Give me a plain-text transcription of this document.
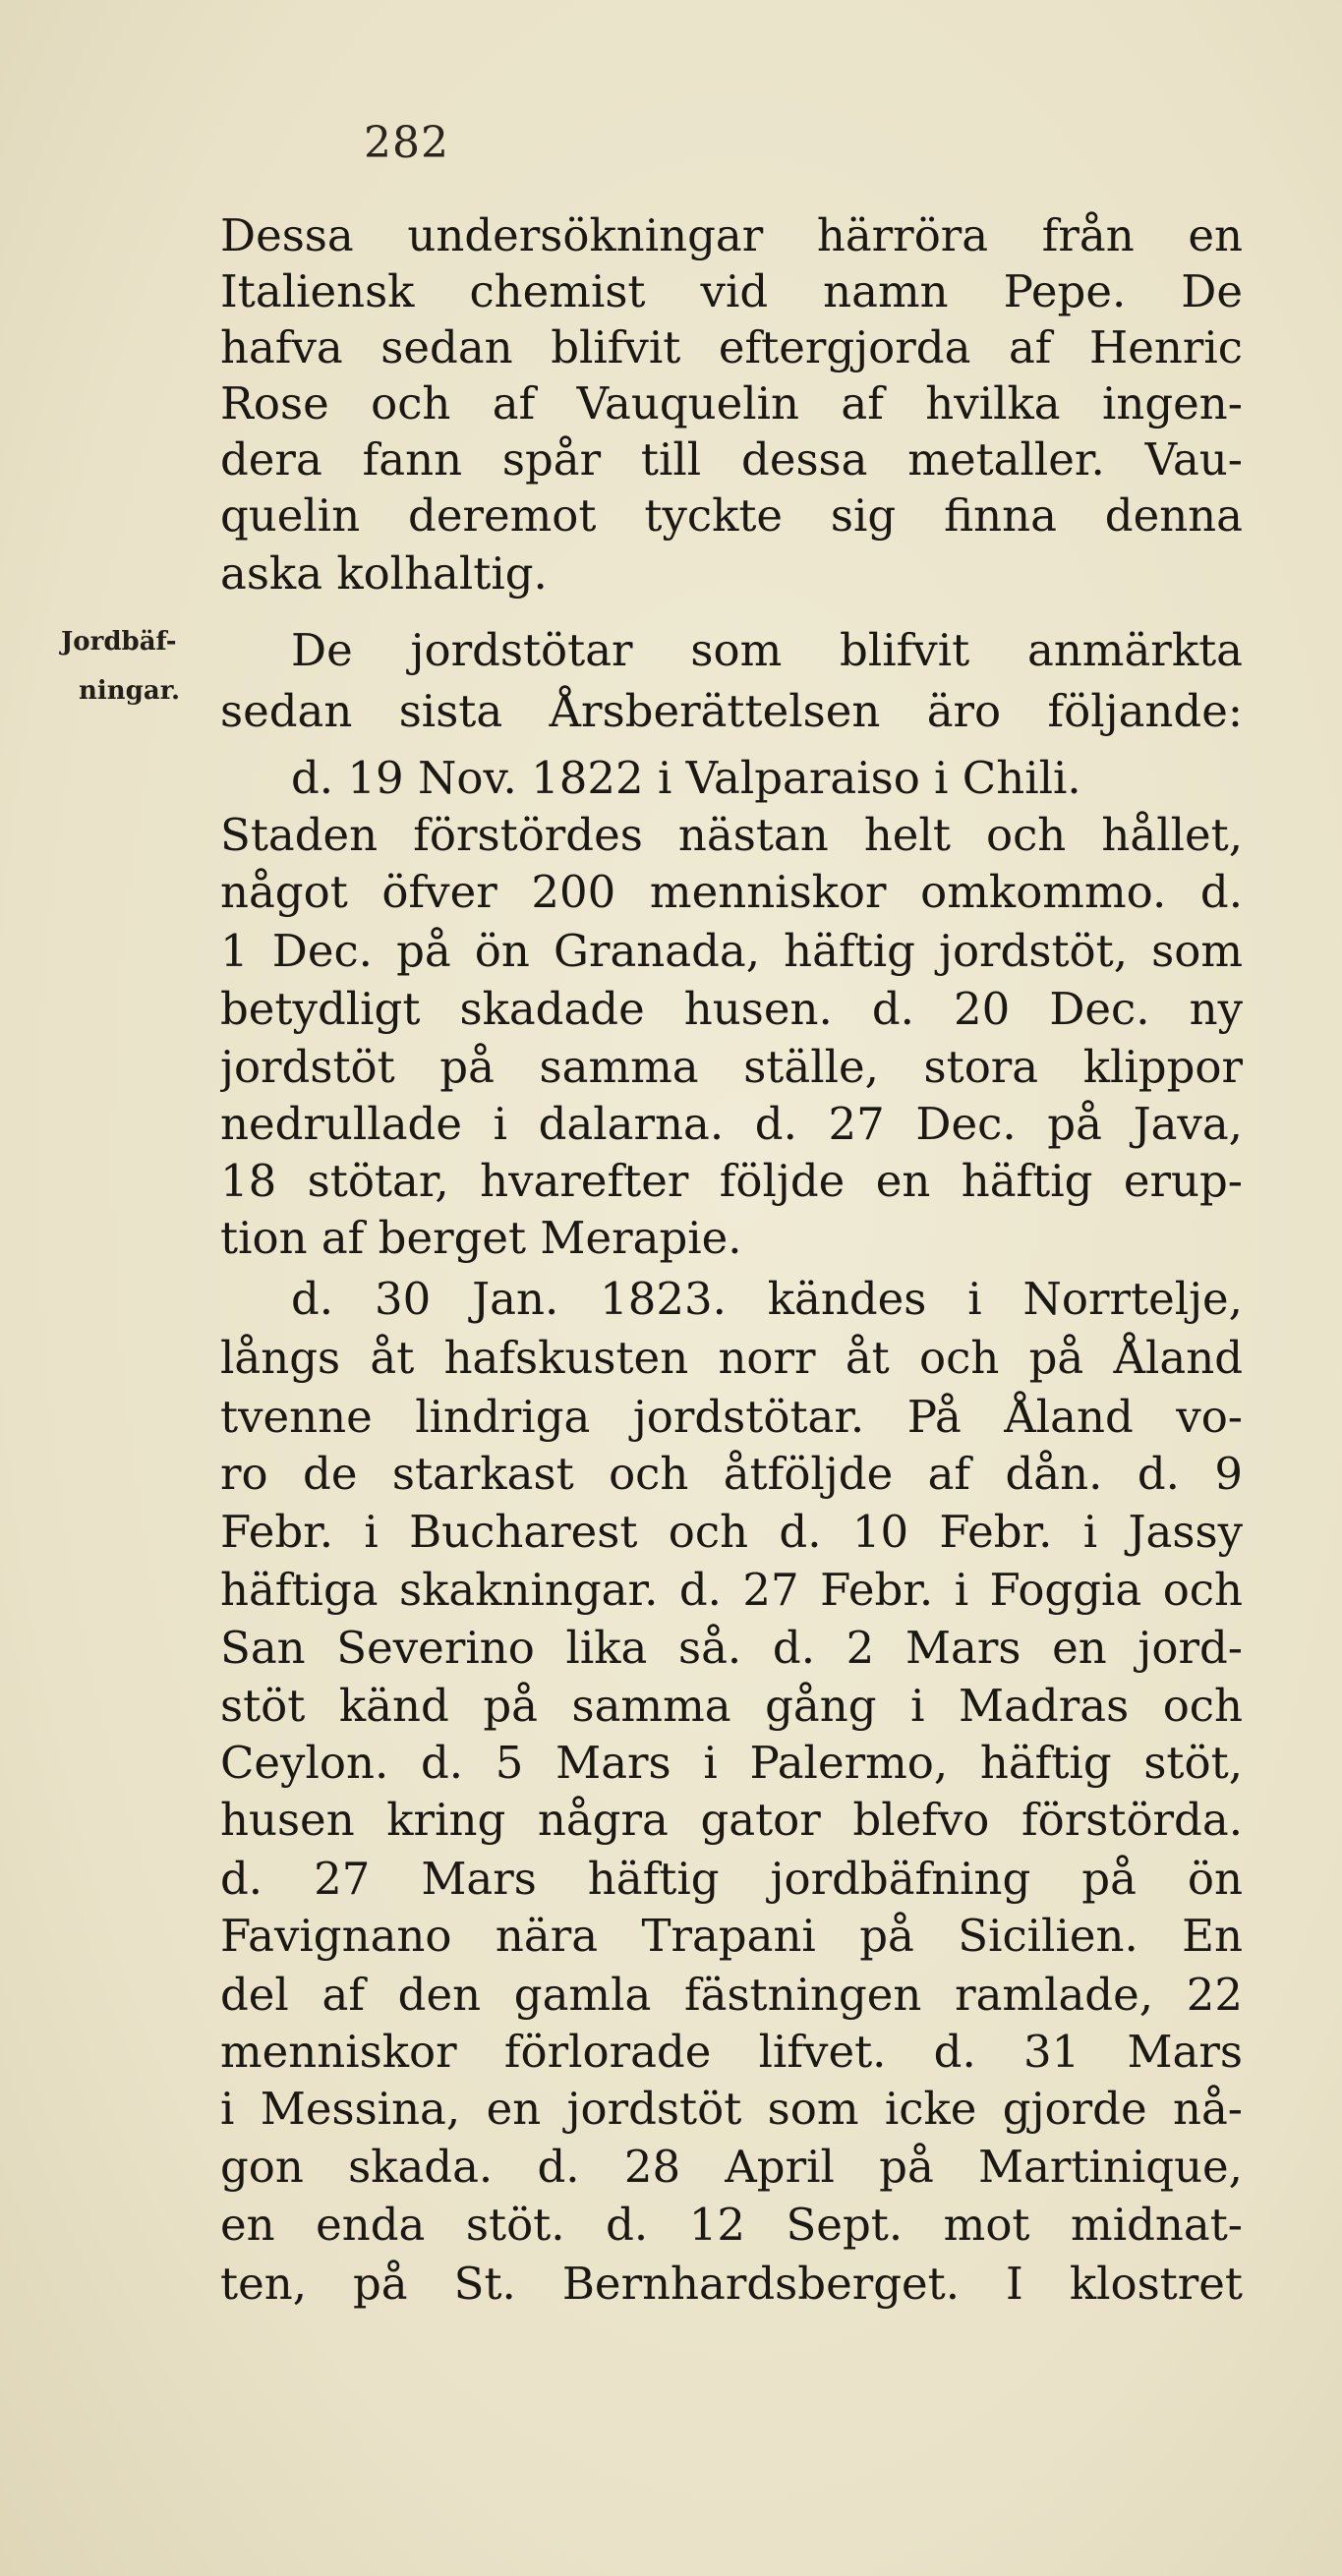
282
Jordbäf-
ningar.
Dessa undersökningar härröra från en
Italiensk chemist vid namn Pepe. De
hafva sedan blifvit eftergjorda af Henric
Rose och af Vauquelin af hvilka ingen-
dera fann spår till dessa metaller. Vau-
quelin deremot tyckte sig finna denna
aska kolhaltig.
De jordstötar som blifvit anmärkta
sedan sista Årsberättelsen äro följande:
d. 19 Nov. 1822 i Valparaiso i Chili.
Staden förstördes nästan helt och hållet,
något öfver 200 menniskor omkommo. d.
1 Dec. på ön Granada, häftig jordstöt, som
betydligt skadade husen. d. 20 Dec. ny
jordstöt på samma ställe, stora klippor
nedrullade i dalarna. d. 27 Dec. på Java,
18 stötar, hvarefter följde en häftig erup-
tion af berget Merapie.
d. 30 Jan. 1823. kändes i Norrtelje,
långs åt hafskusten norr åt och på Åland
tvenne lindriga jordstötar. På Åland vo-
ro de starkast och åtföljde af dån. d. 9
Febr. i Bucharest och d. 10 Febr. i Jassy
häftiga skakningar. d. 27 Febr. i Foggia och
San Severino lika så. d. 2 Mars en jord-
stöt känd på samma gång i Madras och
Ceylon. d. 5 Mars i Palermo, häftig stöt,
husen kring några gator blefvo förstörda.
d. 27 Mars häftig jordbäfning på ön
Favignano nära Trapani på Sicilien. En
del af den gamla fästningen ramlade, 22
menniskor förlorade lifvet. d. 31 Mars
i Messina, en jordstöt som icke gjorde nå-
gon skada. d. 28 April på Martinique,
en enda stöt. d. 12 Sept. mot midnat-
ten, på St. Bernhardsberget. I klostret
